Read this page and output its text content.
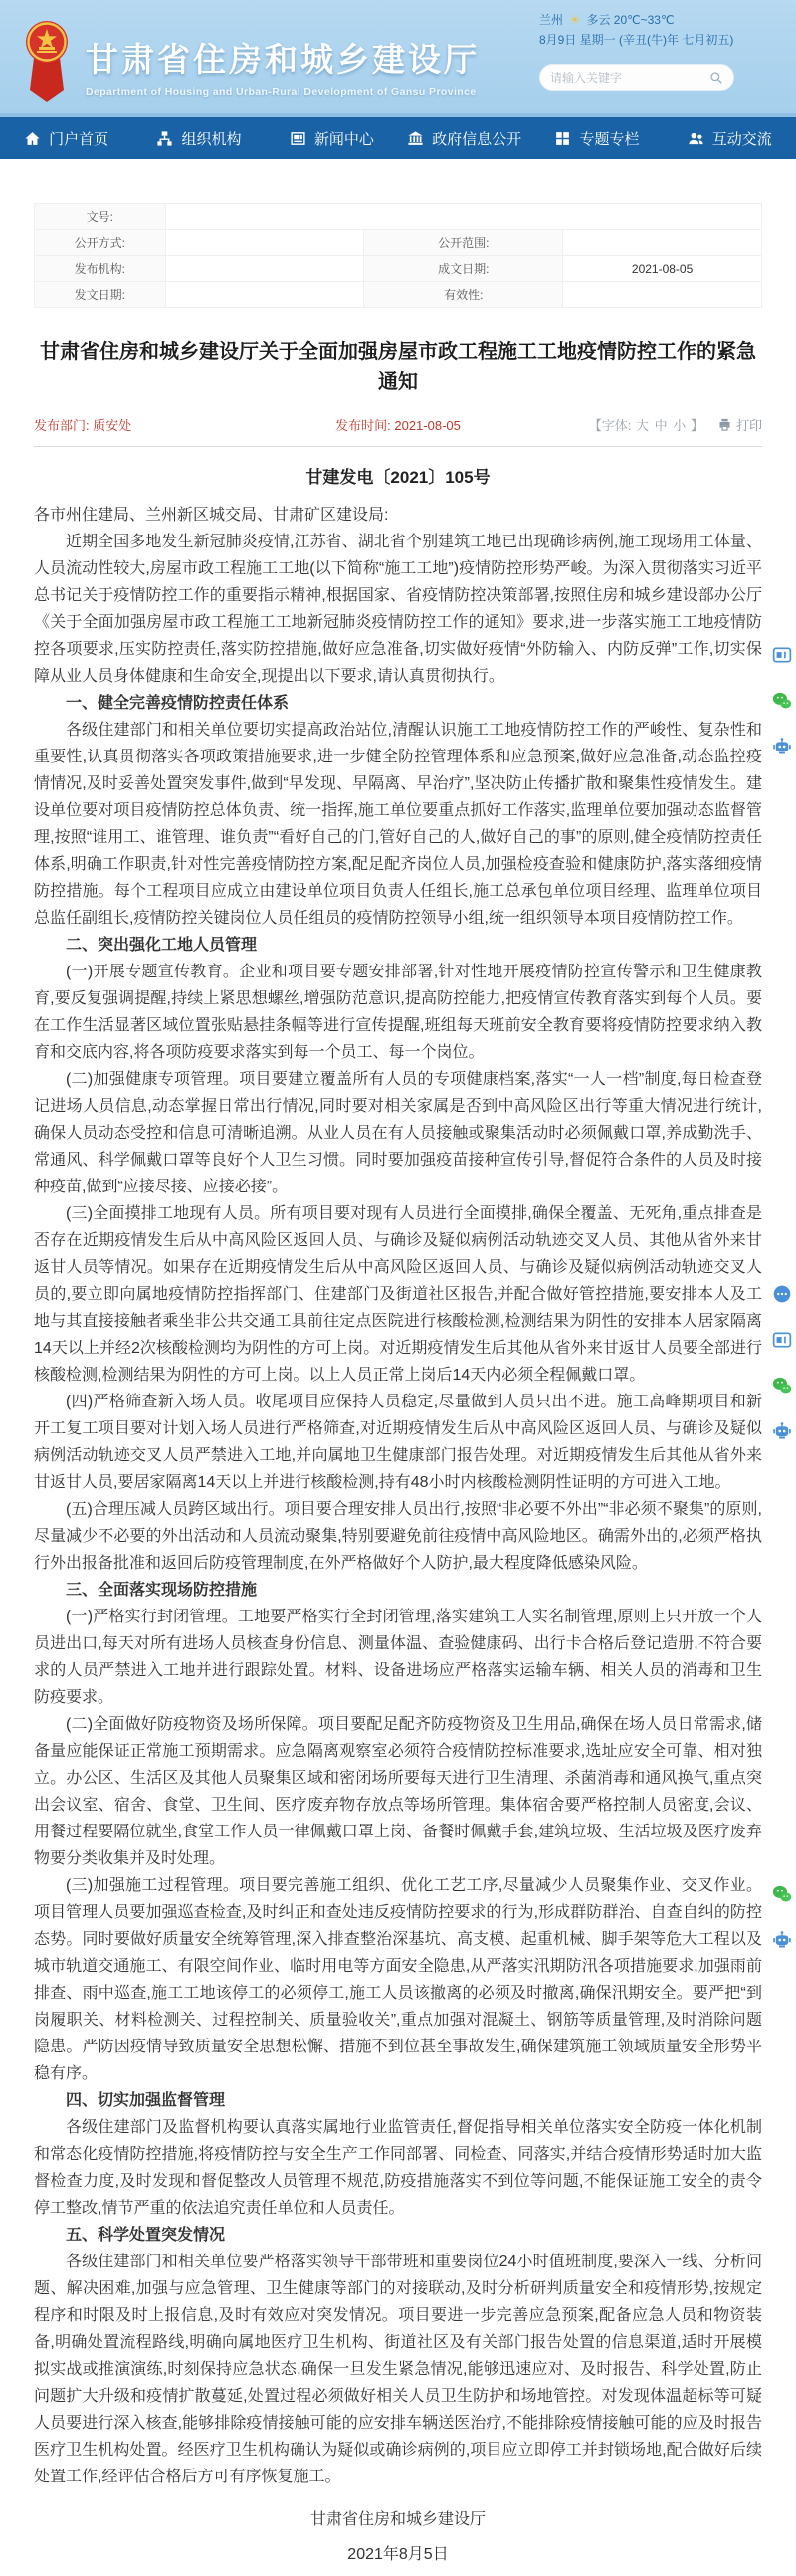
甘肃省住房和城乡建设厅
Department of Housing and Urban-Rural Development of Gansu Province
兰州 ☀ 多云 20℃~33℃
8月9日 星期一 (辛丑(牛)年 七月初五)
请输入关键字
门户首页	组织机构	新闻中心	政府信息公开	专题专栏	互动交流
文号:			
公开方式:		公开范围:	
发布机构:		成文日期:	2021-08-05
发文日期:		有效性:	
甘肃省住房和城乡建设厅关于全面加强房屋市政工程施工工地疫情防控工作的紧急通知
发布部门: 质安处	发布时间: 2021-08-05	【字体: 大 中 小 】	打印
甘建发电〔2021〕105号

各市州住建局、兰州新区城交局、甘肃矿区建设局:

近期全国多地发生新冠肺炎疫情,江苏省、湖北省个别建筑工地已出现确诊病例,施工现场用工体量、人员流动性较大,房屋市政工程施工工地(以下简称“施工工地”)疫情防控形势严峻。为深入贯彻落实习近平总书记关于疫情防控工作的重要指示精神,根据国家、省疫情防控决策部署,按照住房和城乡建设部办公厅《关于全面加强房屋市政工程施工工地新冠肺炎疫情防控工作的通知》要求,进一步落实施工工地疫情防控各项要求,压实防控责任,落实防控措施,做好应急准备,切实做好疫情“外防输入、内防反弹”工作,切实保障从业人员身体健康和生命安全,现提出以下要求,请认真贯彻执行。

一、健全完善疫情防控责任体系

各级住建部门和相关单位要切实提高政治站位,清醒认识施工工地疫情防控工作的严峻性、复杂性和重要性,认真贯彻落实各项政策措施要求,进一步健全防控管理体系和应急预案,做好应急准备,动态监控疫情情况,及时妥善处置突发事件,做到“早发现、早隔离、早治疗”,坚决防止传播扩散和聚集性疫情发生。建设单位要对项目疫情防控总体负责、统一指挥,施工单位要重点抓好工作落实,监理单位要加强动态监督管理,按照“谁用工、谁管理、谁负责”“看好自己的门,管好自己的人,做好自己的事”的原则,健全疫情防控责任体系,明确工作职责,针对性完善疫情防控方案,配足配齐岗位人员,加强检疫查验和健康防护,落实落细疫情防控措施。每个工程项目应成立由建设单位项目负责人任组长,施工总承包单位项目经理、监理单位项目总监任副组长,疫情防控关键岗位人员任组员的疫情防控领导小组,统一组织领导本项目疫情防控工作。

二、突出强化工地人员管理

(一)开展专题宣传教育。企业和项目要专题安排部署,针对性地开展疫情防控宣传警示和卫生健康教育,要反复强调提醒,持续上紧思想螺丝,增强防范意识,提高防控能力,把疫情宣传教育落实到每个人员。要在工作生活显著区域位置张贴悬挂条幅等进行宣传提醒,班组每天班前安全教育要将疫情防控要求纳入教育和交底内容,将各项防疫要求落实到每一个员工、每一个岗位。

(二)加强健康专项管理。项目要建立覆盖所有人员的专项健康档案,落实“一人一档”制度,每日检查登记进场人员信息,动态掌握日常出行情况,同时要对相关家属是否到中高风险区出行等重大情况进行统计,确保人员动态受控和信息可清晰追溯。从业人员在有人员接触或聚集活动时必须佩戴口罩,养成勤洗手、常通风、科学佩戴口罩等良好个人卫生习惯。同时要加强疫苗接种宣传引导,督促符合条件的人员及时接种疫苗,做到“应接尽接、应接必接”。

(三)全面摸排工地现有人员。所有项目要对现有人员进行全面摸排,确保全覆盖、无死角,重点排查是否存在近期疫情发生后从中高风险区返回人员、与确诊及疑似病例活动轨迹交叉人员、其他从省外来甘返甘人员等情况。如果存在近期疫情发生后从中高风险区返回人员、与确诊及疑似病例活动轨迹交叉人员的,要立即向属地疫情防控指挥部门、住建部门及街道社区报告,并配合做好管控措施,要安排本人及工地与其直接接触者乘坐非公共交通工具前往定点医院进行核酸检测,检测结果为阴性的安排本人居家隔离14天以上并经2次核酸检测均为阴性的方可上岗。对近期疫情发生后其他从省外来甘返甘人员要全部进行核酸检测,检测结果为阴性的方可上岗。以上人员正常上岗后14天内必须全程佩戴口罩。

(四)严格筛查新入场人员。收尾项目应保持人员稳定,尽量做到人员只出不进。施工高峰期项目和新开工复工项目要对计划入场人员进行严格筛查,对近期疫情发生后从中高风险区返回人员、与确诊及疑似病例活动轨迹交叉人员严禁进入工地,并向属地卫生健康部门报告处理。对近期疫情发生后其他从省外来甘返甘人员,要居家隔离14天以上并进行核酸检测,持有48小时内核酸检测阴性证明的方可进入工地。

(五)合理压减人员跨区域出行。项目要合理安排人员出行,按照“非必要不外出”“非必须不聚集”的原则,尽量减少不必要的外出活动和人员流动聚集,特别要避免前往疫情中高风险地区。确需外出的,必须严格执行外出报备批准和返回后防疫管理制度,在外严格做好个人防护,最大程度降低感染风险。

三、全面落实现场防控措施

(一)严格实行封闭管理。工地要严格实行全封闭管理,落实建筑工人实名制管理,原则上只开放一个人员进出口,每天对所有进场人员核查身份信息、测量体温、查验健康码、出行卡合格后登记造册,不符合要求的人员严禁进入工地并进行跟踪处置。材料、设备进场应严格落实运输车辆、相关人员的消毒和卫生防疫要求。

(二)全面做好防疫物资及场所保障。项目要配足配齐防疫物资及卫生用品,确保在场人员日常需求,储备量应能保证正常施工预期需求。应急隔离观察室必须符合疫情防控标准要求,选址应安全可靠、相对独立。办公区、生活区及其他人员聚集区域和密闭场所要每天进行卫生清理、杀菌消毒和通风换气,重点突出会议室、宿舍、食堂、卫生间、医疗废弃物存放点等场所管理。集体宿舍要严格控制人员密度,会议、用餐过程要隔位就坐,食堂工作人员一律佩戴口罩上岗、备餐时佩戴手套,建筑垃圾、生活垃圾及医疗废弃物要分类收集并及时处理。

(三)加强施工过程管理。项目要完善施工组织、优化工艺工序,尽量减少人员聚集作业、交叉作业。项目管理人员要加强巡查检查,及时纠正和查处违反疫情防控要求的行为,形成群防群治、自查自纠的防控态势。同时要做好质量安全统筹管理,深入排查整治深基坑、高支模、起重机械、脚手架等危大工程以及城市轨道交通施工、有限空间作业、临时用电等方面安全隐患,从严落实汛期防汛各项措施要求,加强雨前排查、雨中巡查,施工工地该停工的必须停工,施工人员该撤离的必须及时撤离,确保汛期安全。要严把“到岗履职关、材料检测关、过程控制关、质量验收关”,重点加强对混凝土、钢筋等质量管理,及时消除问题隐患。严防因疫情导致质量安全思想松懈、措施不到位甚至事故发生,确保建筑施工领域质量安全形势平稳有序。

四、切实加强监督管理

各级住建部门及监督机构要认真落实属地行业监管责任,督促指导相关单位落实安全防疫一体化机制和常态化疫情防控措施,将疫情防控与安全生产工作同部署、同检查、同落实,并结合疫情形势适时加大监督检查力度,及时发现和督促整改人员管理不规范,防疫措施落实不到位等问题,不能保证施工安全的责令停工整改,情节严重的依法追究责任单位和人员责任。

五、科学处置突发情况

各级住建部门和相关单位要严格落实领导干部带班和重要岗位24小时值班制度,要深入一线、分析问题、解决困难,加强与应急管理、卫生健康等部门的对接联动,及时分析研判质量安全和疫情形势,按规定程序和时限及时上报信息,及时有效应对突发情况。项目要进一步完善应急预案,配备应急人员和物资装备,明确处置流程路线,明确向属地医疗卫生机构、街道社区及有关部门报告处置的信息渠道,适时开展模拟实战或推演演练,时刻保持应急状态,确保一旦发生紧急情况,能够迅速应对、及时报告、科学处置,防止问题扩大升级和疫情扩散蔓延,处置过程必须做好相关人员卫生防护和场地管控。对发现体温超标等可疑人员要进行深入核查,能够排除疫情接触可能的应安排车辆送医治疗,不能排除疫情接触可能的应及时报告医疗卫生机构处置。经医疗卫生机构确认为疑似或确诊病例的,项目应立即停工并封锁场地,配合做好后续处置工作,经评估合格后方可有序恢复施工。

甘肃省住房和城乡建设厅
2021年8月5日
